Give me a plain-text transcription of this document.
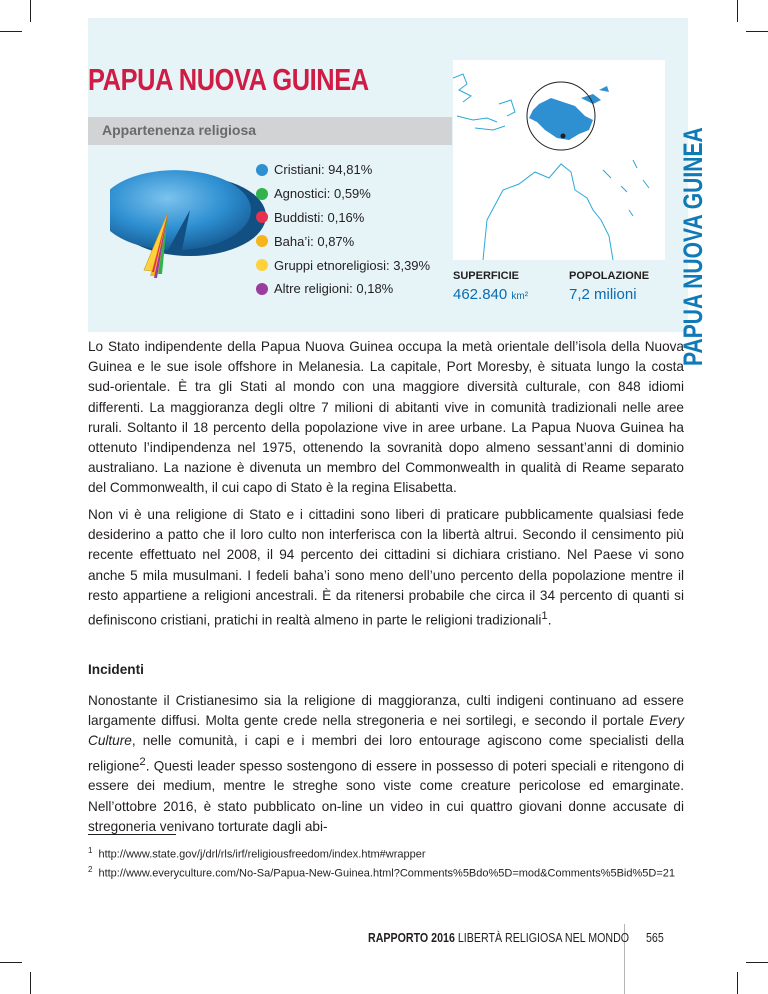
PAPUA NUOVA GUINEA
Appartenenza religiosa
Cristiani: 94,81%
Agnostici: 0,59%
Buddisti: 0,16%
Baha’i: 0,87%
Gruppi etnoreligiosi: 3,39%
Altre religioni: 0,18%
SUPERFICIE
462.840 km²
POPOLAZIONE
7,2 milioni PAPUA NUOVA GUINEA

Lo Stato indipendente della Papua Nuova Guinea occupa la metà orientale dell’isola della Nuova Guinea e le sue isole offshore in Melanesia. La capitale, Port Moresby, è situata lungo la costa sud-orientale. È tra gli Stati al mondo con una maggiore diversità culturale, con 848 idiomi differenti. La maggioranza degli oltre 7 milioni di abitanti vive in comunità tradizionali nelle aree rurali. Soltanto il 18 percento della popolazione vive in aree urbane. La Papua Nuova Guinea ha ottenuto l’indipendenza nel 1975, ottenendo la sovranità dopo almeno sessant’anni di dominio australiano. La nazione è divenuta un membro del Commonwealth in qualità di Reame separato del Commonwealth, il cui capo di Stato è la regina Elisabetta.

Non vi è una religione di Stato e i cittadini sono liberi di praticare pubblicamente qualsiasi fede desiderino a patto che il loro culto non interferisca con la libertà altrui. Secondo il censimento più recente effettuato nel 2008, il 94 percento dei cittadini si dichiara cristiano. Nel Paese vi sono anche 5 mila musulmani. I fedeli baha’i sono meno dell’uno percento della popolazione mentre il resto appartiene a religioni ancestrali. È da ritenersi probabile che circa il 34 percento di quanti si definiscono cristiani, pratichi in realtà almeno in parte le religioni tradizionali$^1$.

Incidenti

Nonostante il Cristianesimo sia la religione di maggioranza, culti indigeni continuano ad essere largamente diffusi. Molta gente crede nella stregoneria e nei sortilegi, e secondo il portale Every Culture, nelle comunità, i capi e i membri dei loro entourage agiscono come specialisti della religione$^2$. Questi leader spesso sostengono di essere in possesso di poteri speciali e ritengono di essere dei medium, mentre le streghe sono viste come creature pericolose ed emarginate. Nell’ottobre 2016, è stato pubblicato on-line un video in cui quattro giovani donne accusate di stregoneria venivano torturate dagli abi-

$^1$ http://www.state.gov/j/drl/rls/irf/religiousfreedom/index.htm#wrapper

$^2$ http://www.everyculture.com/No-Sa/Papua-New-Guinea.html?Comments%5Bdo%5D=mod&Comments%5Bid%5D=21

RAPPORTO 2016 LIBERTÀ RELIGIOSA NEL MONDO 565
